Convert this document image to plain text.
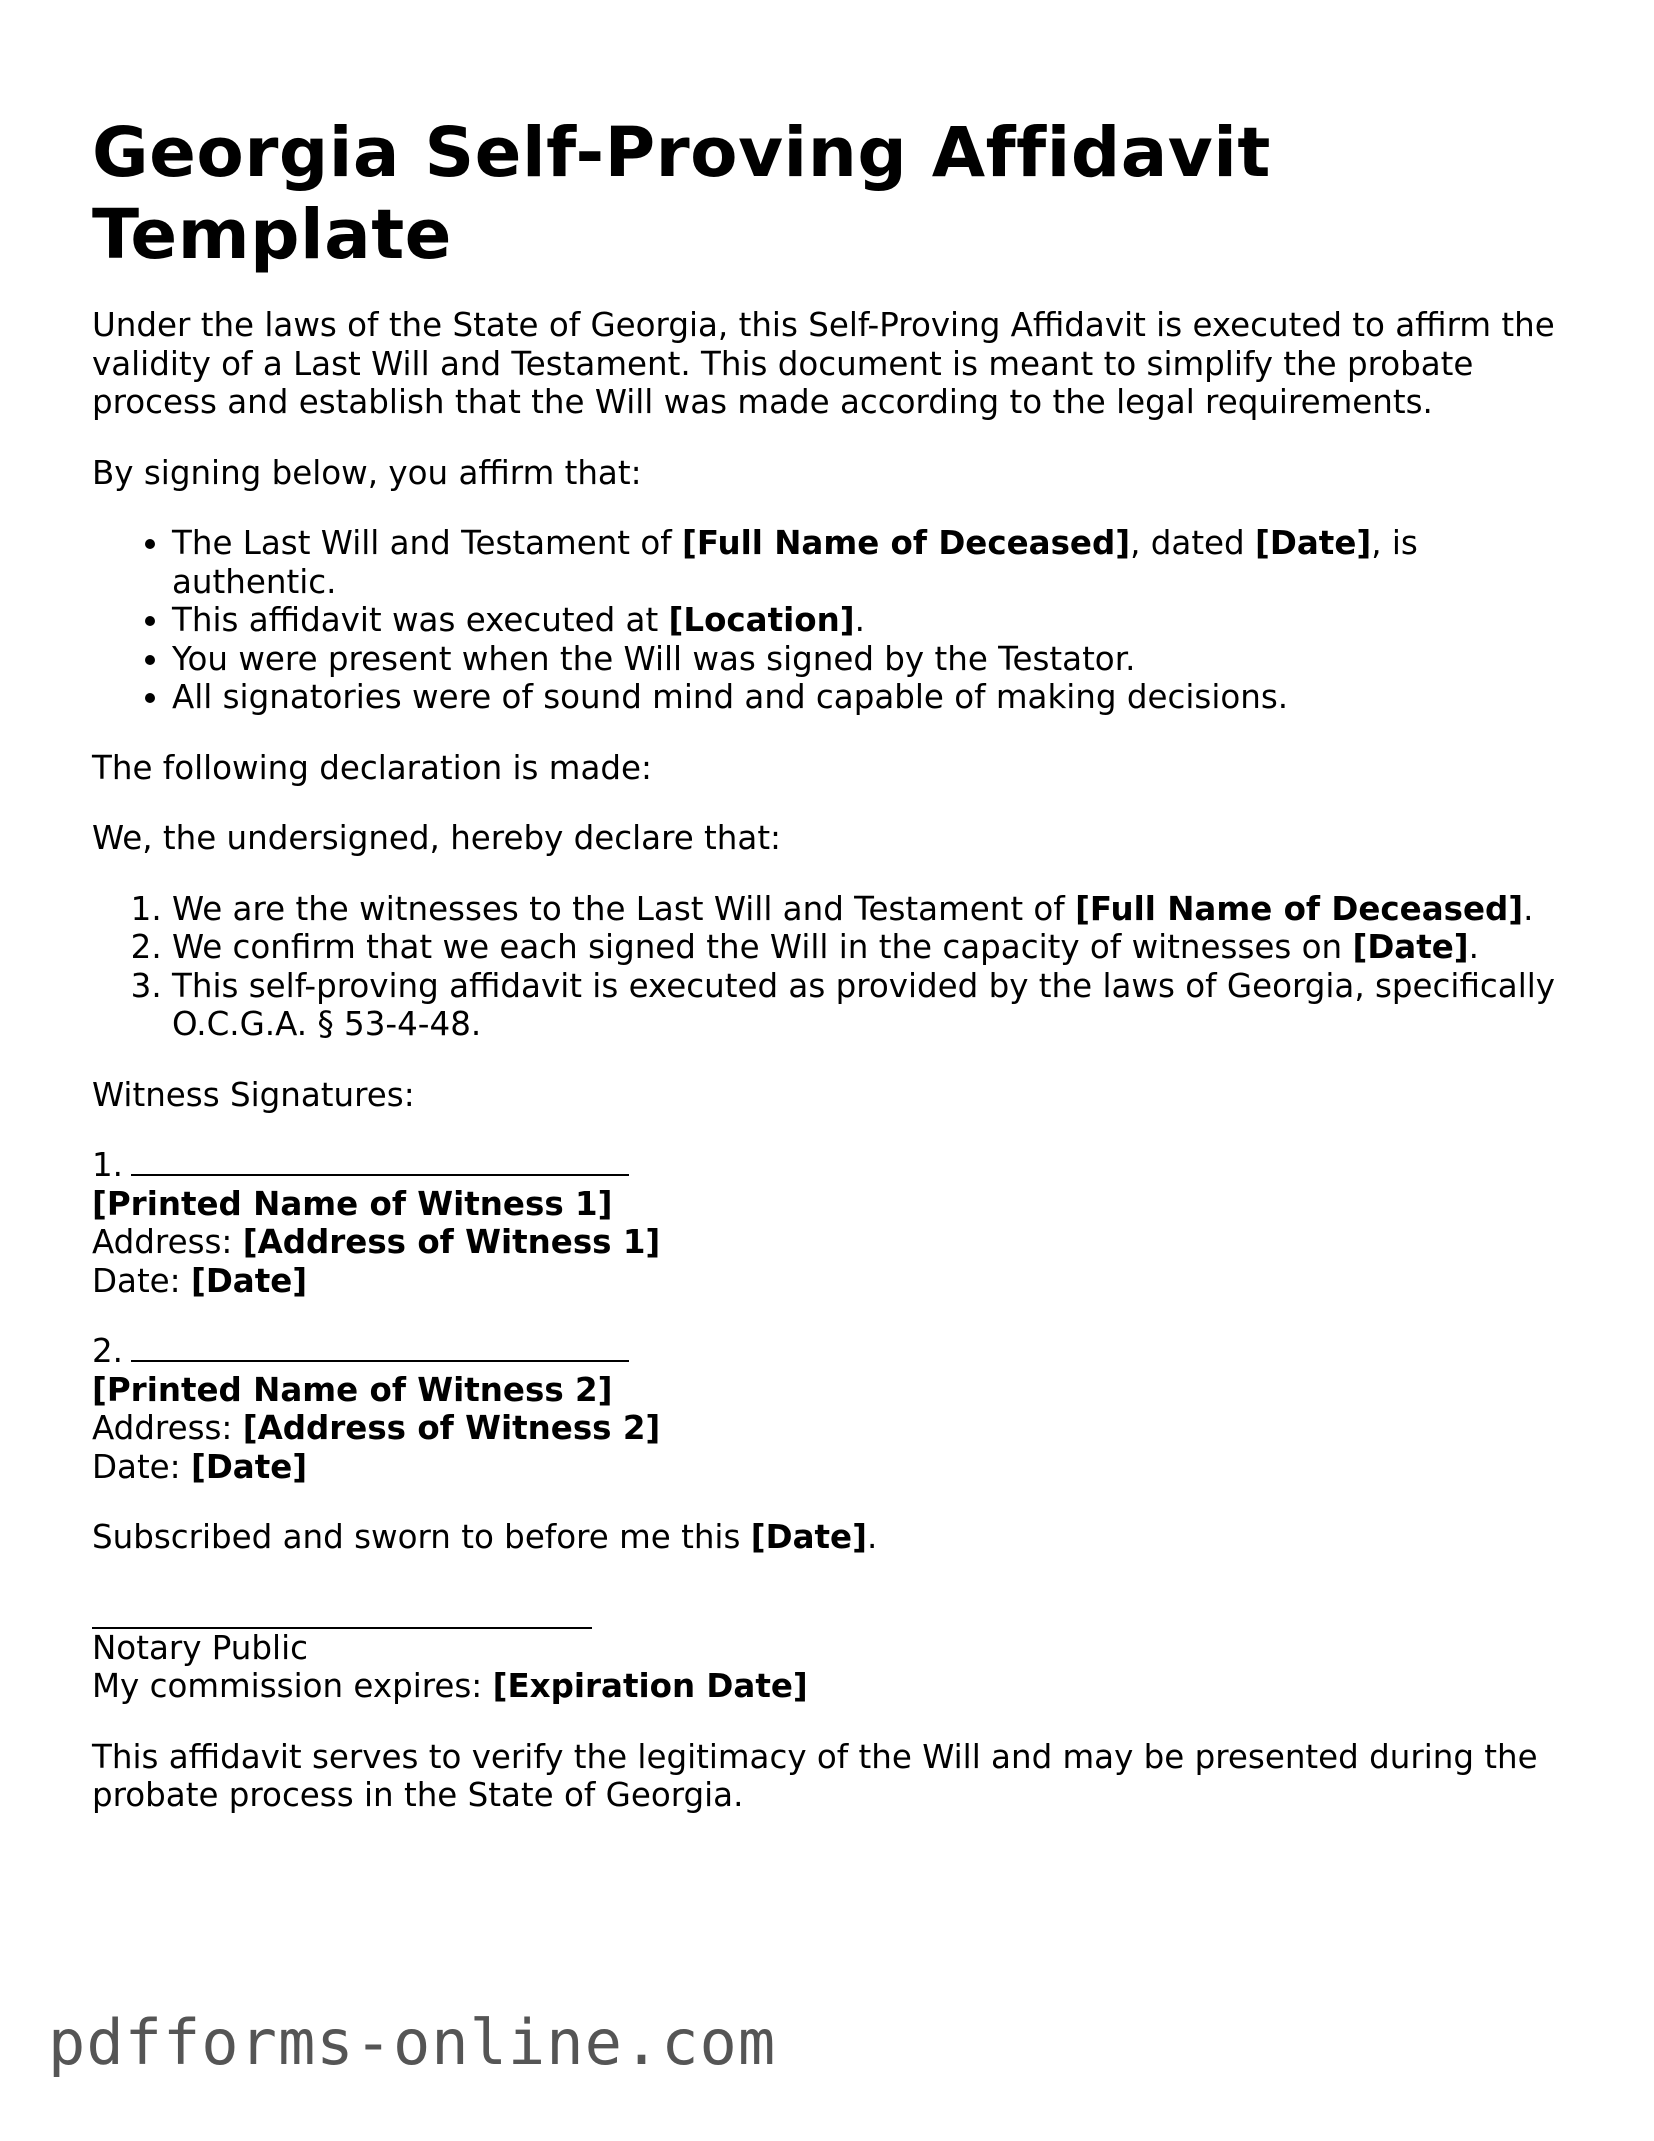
Georgia Self-Proving Affidavit Template

Under the laws of the State of Georgia, this Self-Proving Affidavit is executed to affirm the validity of a Last Will and Testament. This document is meant to simplify the probate process and establish that the Will was made according to the legal requirements.

By signing below, you affirm that:

• The Last Will and Testament of [Full Name of Deceased], dated [Date], is authentic.
• This affidavit was executed at [Location].
• You were present when the Will was signed by the Testator.
• All signatories were of sound mind and capable of making decisions.

The following declaration is made:

We, the undersigned, hereby declare that:

1. We are the witnesses to the Last Will and Testament of [Full Name of Deceased].
2. We confirm that we each signed the Will in the capacity of witnesses on [Date].
3. This self-proving affidavit is executed as provided by the laws of Georgia, specifically O.C.G.A. § 53-4-48.

Witness Signatures:

1.
[Printed Name of Witness 1]
Address: [Address of Witness 1]
Date: [Date]
2.
[Printed Name of Witness 2]
Address: [Address of Witness 2]
Date: [Date]

Subscribed and sworn to before me this [Date].

Notary Public
My commission expires: [Expiration Date]

This affidavit serves to verify the legitimacy of the Will and may be presented during the probate process in the State of Georgia.

pdfforms-online.com
